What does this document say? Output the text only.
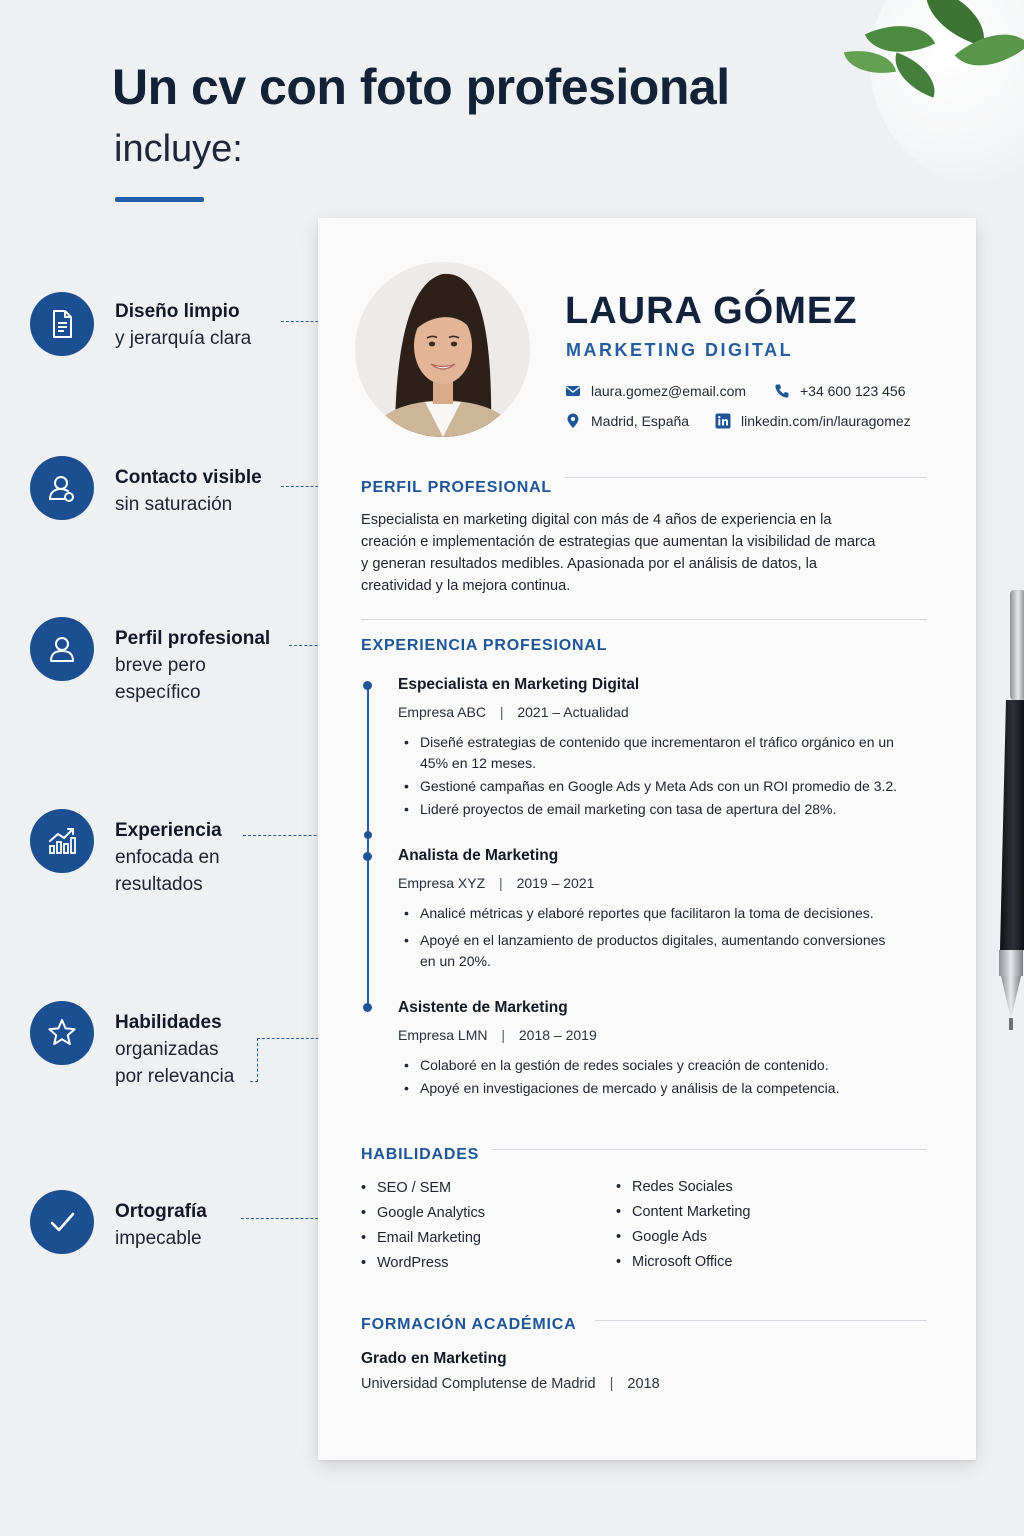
Un cv con foto profesional
incluye:
Diseño limpio
y jerarquía clara
Contacto visible
sin saturación
Perfil profesional
breve pero
específico
Experiencia
enfocada en
resultados
Habilidades
organizadas
por relevancia
Ortografía
impecable
LAURA GÓMEZ
MARKETING DIGITAL
laura.gomez@email.com	+34 600 123 456
Madrid, España	linkedin.com/in/lauragomez
PERFIL PROFESIONAL
Especialista en marketing digital con más de 4 años de experiencia en la creación e implementación de estrategias que aumentan la visibilidad de marca y generan resultados medibles. Apasionada por el análisis de datos, la creatividad y la mejora continua.
EXPERIENCIA PROFESIONAL
Especialista en Marketing Digital
Empresa ABC | 2021 – Actualidad
• Diseñé estrategias de contenido que incrementaron el tráfico orgánico en un 45% en 12 meses.
• Gestioné campañas en Google Ads y Meta Ads con un ROI promedio de 3.2.
• Lideré proyectos de email marketing con tasa de apertura del 28%.
Analista de Marketing
Empresa XYZ | 2019 – 2021
• Analicé métricas y elaboré reportes que facilitaron la toma de decisiones.
• Apoyé en el lanzamiento de productos digitales, aumentando conversiones en un 20%.
Asistente de Marketing
Empresa LMN | 2018 – 2019
• Colaboré en la gestión de redes sociales y creación de contenido.
• Apoyé en investigaciones de mercado y análisis de la competencia.
HABILIDADES
• SEO / SEM
• Google Analytics
• Email Marketing
• WordPress
• Redes Sociales
• Content Marketing
• Google Ads
• Microsoft Office
FORMACIÓN ACADÉMICA
Grado en Marketing
Universidad Complutense de Madrid | 2018
